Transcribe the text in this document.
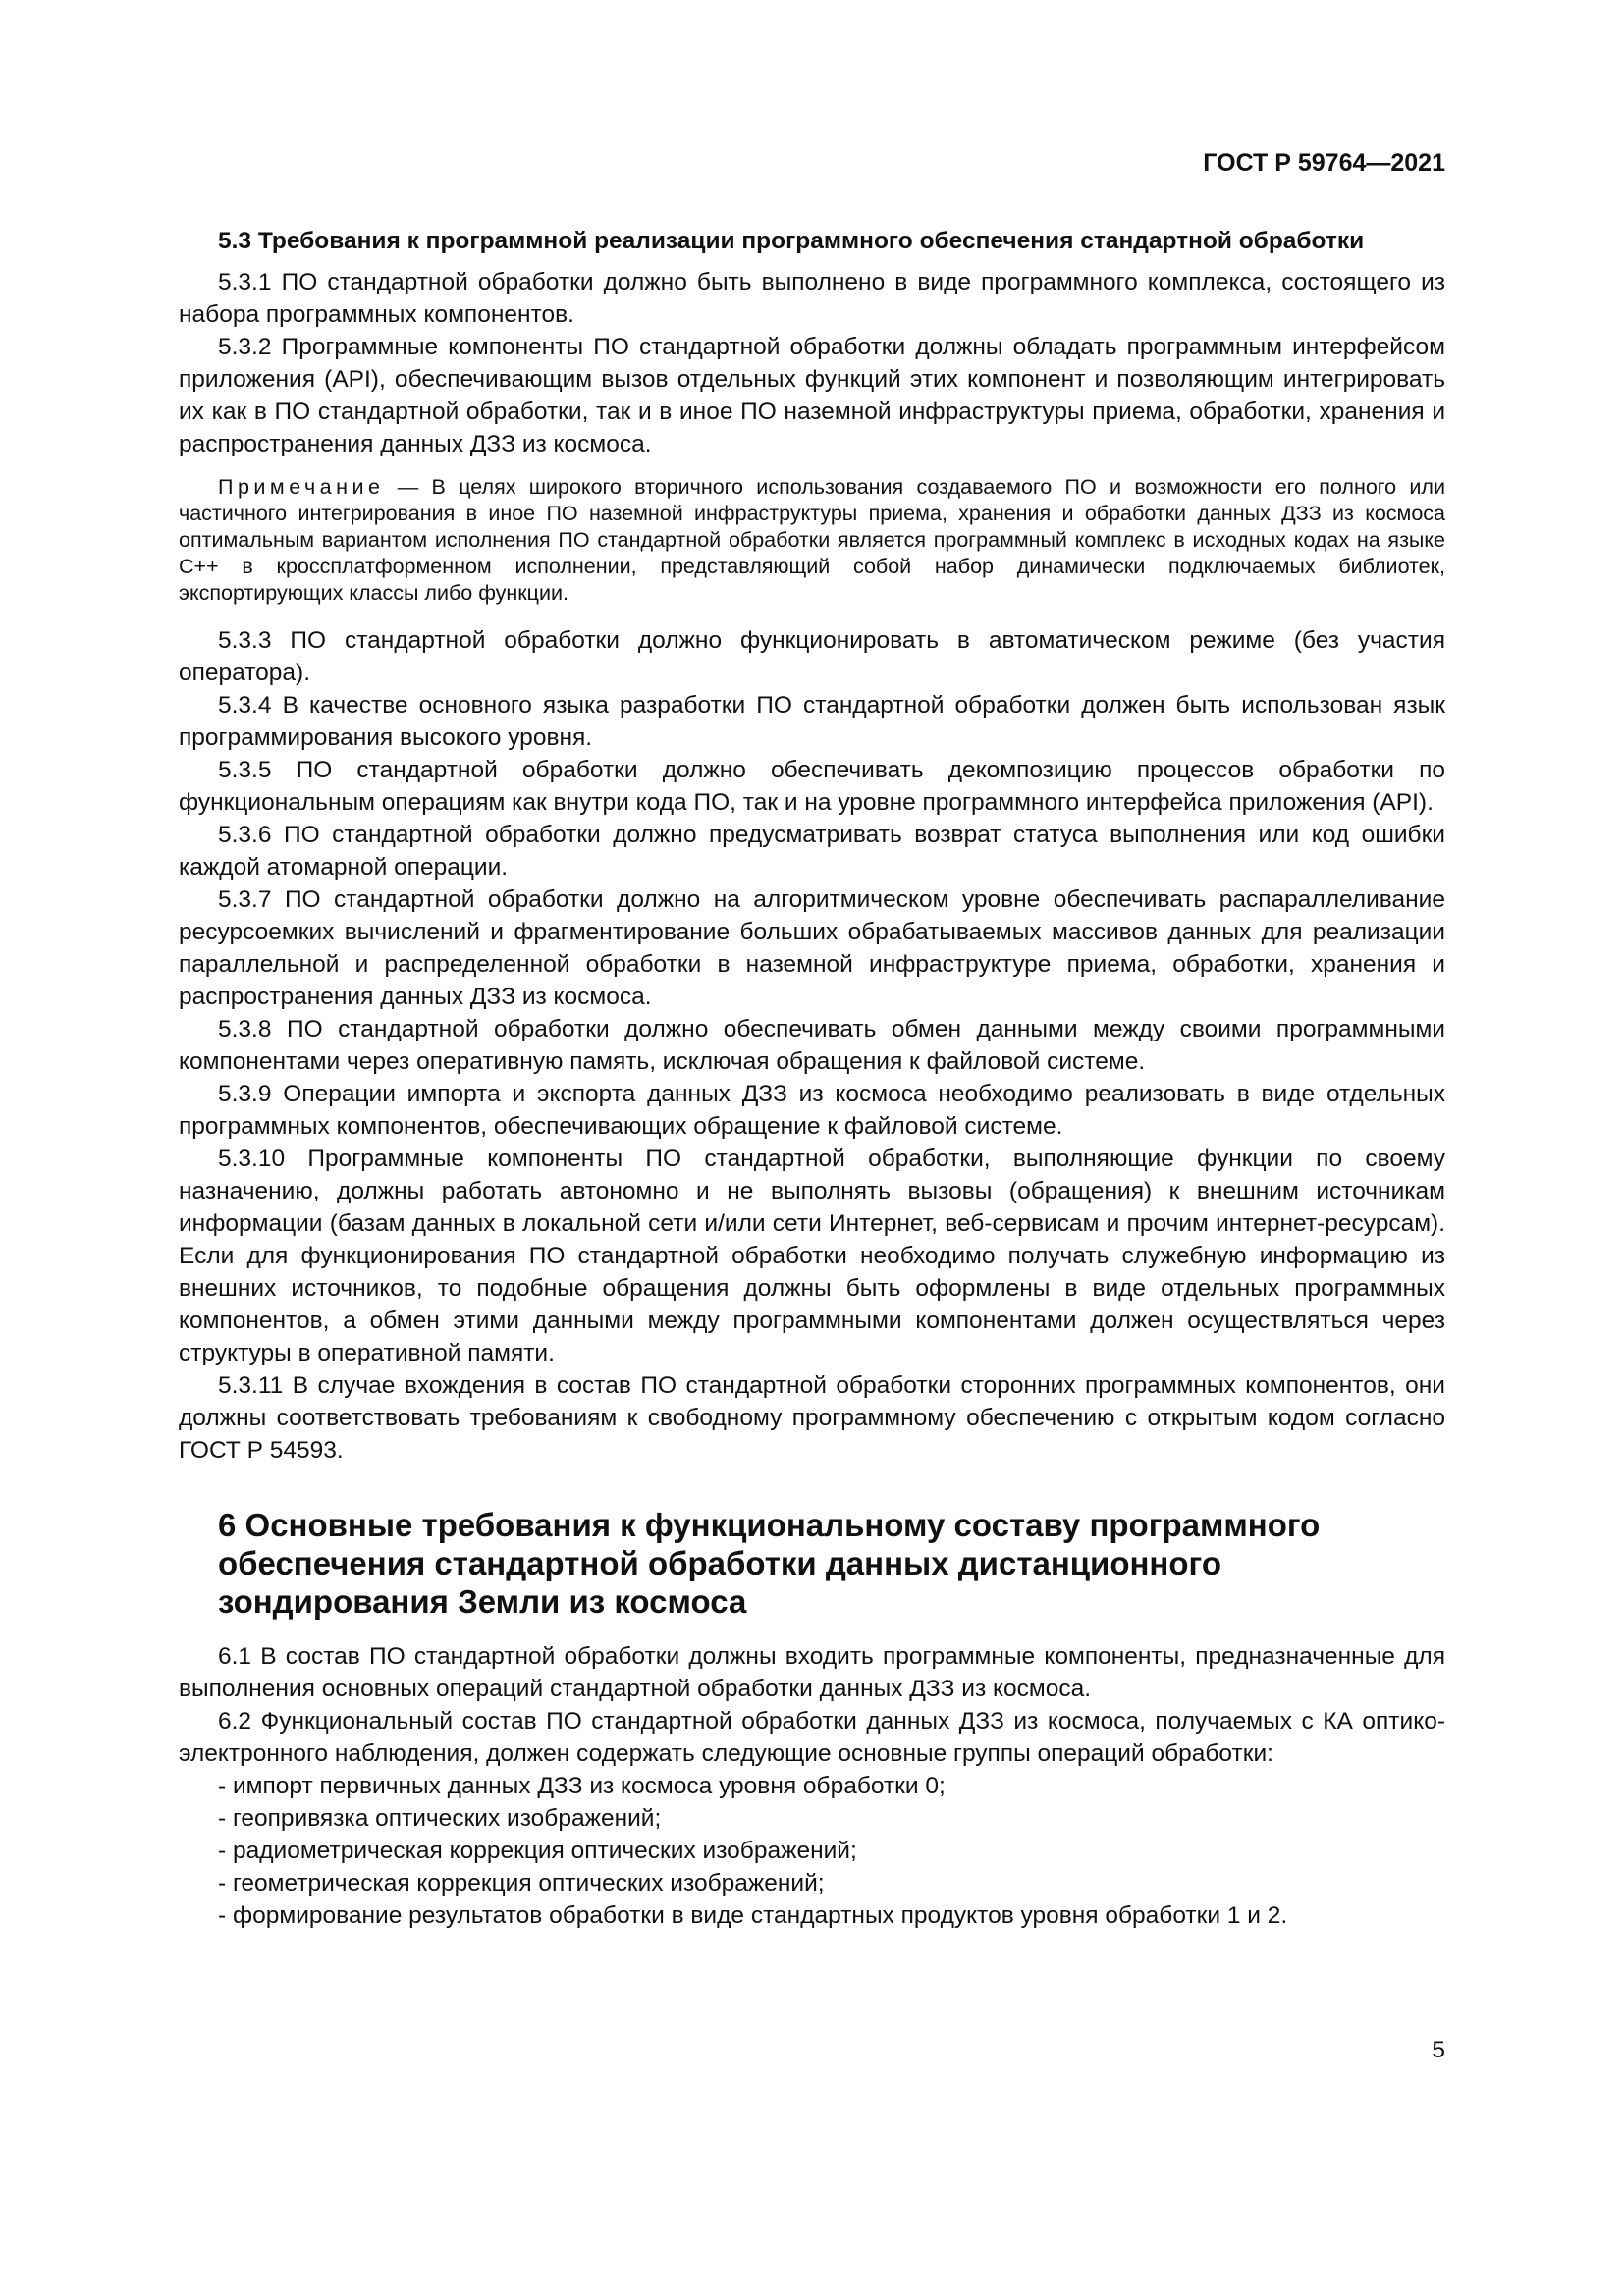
ГОСТ Р 59764—2021
5.3 Требования к программной реализации программного обеспечения стандартной обработки

5.3.1 ПО стандартной обработки должно быть выполнено в виде программного комплекса, состоящего из набора программных компонентов.

5.3.2 Программные компоненты ПО стандартной обработки должны обладать программным интерфейсом приложения (API), обеспечивающим вызов отдельных функций этих компонент и позволяющим интегрировать их как в ПО стандартной обработки, так и в иное ПО наземной инфраструктуры приема, обработки, хранения и распространения данных ДЗЗ из космоса.

Примечание — В целях широкого вторичного использования создаваемого ПО и возможности его полного или частичного интегрирования в иное ПО наземной инфраструктуры приема, хранения и обработки данных ДЗЗ из космоса оптимальным вариантом исполнения ПО стандартной обработки является программный комплекс в исходных кодах на языке С++ в кроссплатформенном исполнении, представляющий собой набор динамически подключаемых библиотек, экспортирующих классы либо функции.

5.3.3 ПО стандартной обработки должно функционировать в автоматическом режиме (без участия оператора).

5.3.4 В качестве основного языка разработки ПО стандартной обработки должен быть использован язык программирования высокого уровня.

5.3.5 ПО стандартной обработки должно обеспечивать декомпозицию процессов обработки по функциональным операциям как внутри кода ПО, так и на уровне программного интерфейса приложения (API).

5.3.6 ПО стандартной обработки должно предусматривать возврат статуса выполнения или код ошибки каждой атомарной операции.

5.3.7 ПО стандартной обработки должно на алгоритмическом уровне обеспечивать распараллеливание ресурсоемких вычислений и фрагментирование больших обрабатываемых массивов данных для реализации параллельной и распределенной обработки в наземной инфраструктуре приема, обработки, хранения и распространения данных ДЗЗ из космоса.

5.3.8 ПО стандартной обработки должно обеспечивать обмен данными между своими программными компонентами через оперативную память, исключая обращения к файловой системе.

5.3.9 Операции импорта и экспорта данных ДЗЗ из космоса необходимо реализовать в виде отдельных программных компонентов, обеспечивающих обращение к файловой системе.

5.3.10 Программные компоненты ПО стандартной обработки, выполняющие функции по своему назначению, должны работать автономно и не выполнять вызовы (обращения) к внешним источникам информации (базам данных в локальной сети и/или сети Интернет, веб-сервисам и прочим интернет-ресурсам). Если для функционирования ПО стандартной обработки необходимо получать служебную информацию из внешних источников, то подобные обращения должны быть оформлены в виде отдельных программных компонентов, а обмен этими данными между программными компонентами должен осуществляться через структуры в оперативной памяти.

5.3.11 В случае вхождения в состав ПО стандартной обработки сторонних программных компонентов, они должны соответствовать требованиям к свободному программному обеспечению с открытым кодом согласно ГОСТ Р 54593.

6 Основные требования к функциональному составу программного обеспечения стандартной обработки данных дистанционного зондирования Земли из космоса

6.1 В состав ПО стандартной обработки должны входить программные компоненты, предназначенные для выполнения основных операций стандартной обработки данных ДЗЗ из космоса.

6.2 Функциональный состав ПО стандартной обработки данных ДЗЗ из космоса, получаемых с КА оптико-электронного наблюдения, должен содержать следующие основные группы операций обработки:

- импорт первичных данных ДЗЗ из космоса уровня обработки 0;
- геопривязка оптических изображений;
- радиометрическая коррекция оптических изображений;
- геометрическая коррекция оптических изображений;
- формирование результатов обработки в виде стандартных продуктов уровня обработки 1 и 2.
5
